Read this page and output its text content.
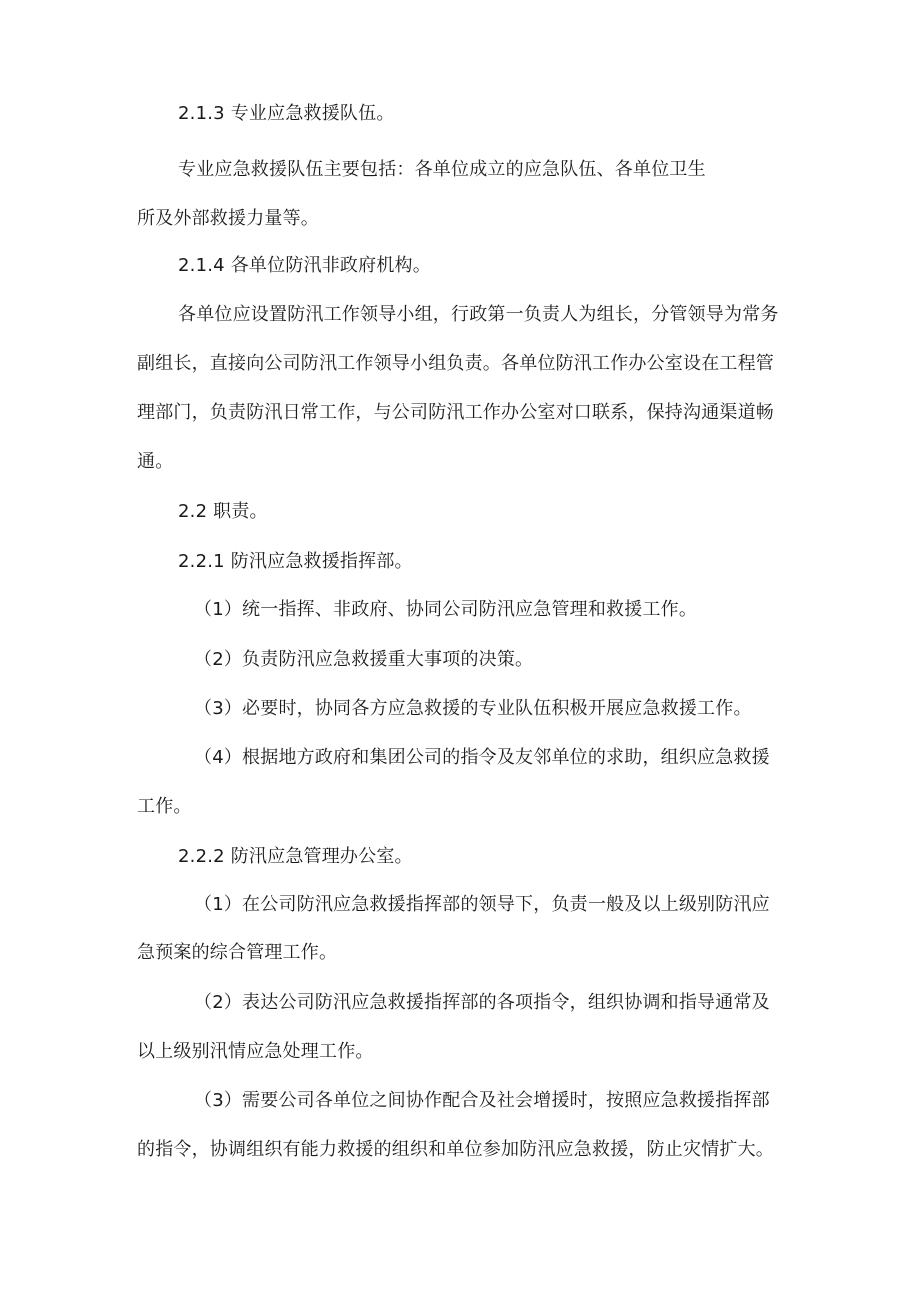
2.1.3 专业应急救援队伍。
专业应急救援队伍主要包括：各单位成立的应急队伍、各单位卫生
所及外部救援力量等。
2.1.4 各单位防汛非政府机构。
各单位应设置防汛工作领导小组，行政第一负责人为组长，分管领导为常务
副组长，直接向公司防汛工作领导小组负责。各单位防汛工作办公室设在工程管
理部门，负责防汛日常工作，与公司防汛工作办公室对口联系，保持沟通渠道畅
通。
2.2 职责。
2.2.1 防汛应急救援指挥部。
（1）统一指挥、非政府、协同公司防汛应急管理和救援工作。
（2）负责防汛应急救援重大事项的决策。
（3）必要时，协同各方应急救援的专业队伍积极开展应急救援工作。
（4）根据地方政府和集团公司的指令及友邻单位的求助，组织应急救援
工作。
2.2.2 防汛应急管理办公室。
（1）在公司防汛应急救援指挥部的领导下，负责一般及以上级别防汛应
急预案的综合管理工作。
（2）表达公司防汛应急救援指挥部的各项指令，组织协调和指导通常及
以上级别汛情应急处理工作。
（3）需要公司各单位之间协作配合及社会增援时，按照应急救援指挥部
的指令，协调组织有能力救援的组织和单位参加防汛应急救援，防止灾情扩大。
